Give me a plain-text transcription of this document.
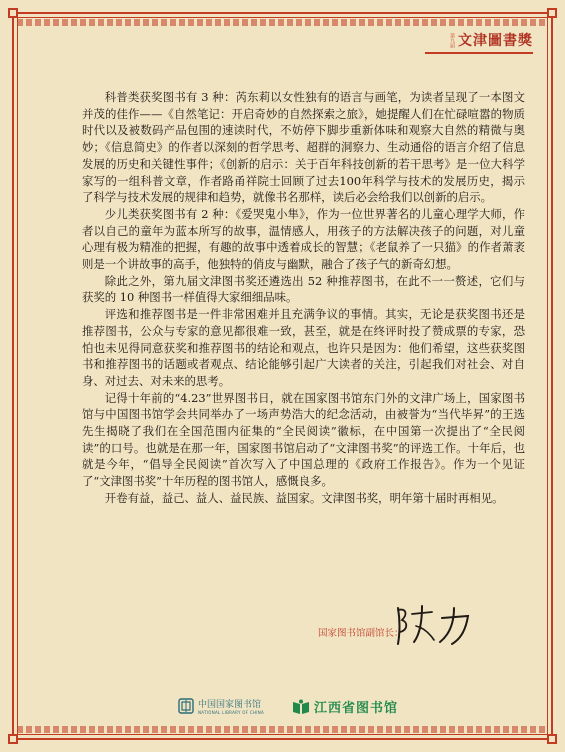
第九届 文津圖書獎

科普类获奖图书有 3 种：芮东莉以女性独有的语言与画笔，为读者呈现了一本图文并茂的佳作——《自然笔记：开启奇妙的自然探索之旅》，她提醒人们在忙碌喧嚣的物质时代以及被数码产品包围的速读时代，不妨停下脚步重新体味和观察大自然的精微与奥妙；《信息简史》的作者以深刻的哲学思考、超群的洞察力、生动通俗的语言介绍了信息发展的历史和关键性事件；《创新的启示：关于百年科技创新的若干思考》是一位大科学家写的一组科普文章，作者路甬祥院士回顾了过去100年科学与技术的发展历史，揭示了科学与技术发展的规律和趋势，就像书名那样，读后必会给我们以创新的启示。

少儿类获奖图书有 2 种：《爱哭鬼小隼》，作为一位世界著名的儿童心理学大师，作者以自己的童年为蓝本所写的故事，温情感人，用孩子的方法解决孩子的问题，对儿童心理有极为精准的把握，有趣的故事中透着成长的智慧；《老鼠养了一只猫》的作者萧袤则是一个讲故事的高手，他独特的俏皮与幽默，融合了孩子气的新奇幻想。

除此之外，第九届文津图书奖还遴选出 52 种推荐图书，在此不一一赘述，它们与获奖的 10 种图书一样值得大家细细品味。

评选和推荐图书是一件非常困难并且充满争议的事情。其实，无论是获奖图书还是推荐图书，公众与专家的意见都很难一致，甚至，就是在终评时投了赞成票的专家，恐怕也未见得同意获奖和推荐图书的结论和观点，也许只是因为：他们希望，这些获奖图书和推荐图书的话题或者观点、结论能够引起广大读者的关注，引起我们对社会、对自身、对过去、对未来的思考。

记得十年前的“4.23”世界图书日，就在国家图书馆东门外的文津广场上，国家图书馆与中国图书馆学会共同举办了一场声势浩大的纪念活动，由被誉为“当代毕昇”的王选先生揭晓了我们在全国范围内征集的“全民阅读”徽标，在中国第一次提出了“全民阅读”的口号。也就是在那一年，国家图书馆启动了“文津图书奖”的评选工作。十年后，也就是今年，“倡导全民阅读”首次写入了中国总理的《政府工作报告》。作为一个见证了“文津图书奖”十年历程的图书馆人，感慨良多。

开卷有益，益己、益人、益民族、益国家。文津图书奖，明年第十届时再相见。

国家图书馆副馆长：
中国国家图书馆
NATIONAL LIBRARY OF CHINA	江西省图书馆
